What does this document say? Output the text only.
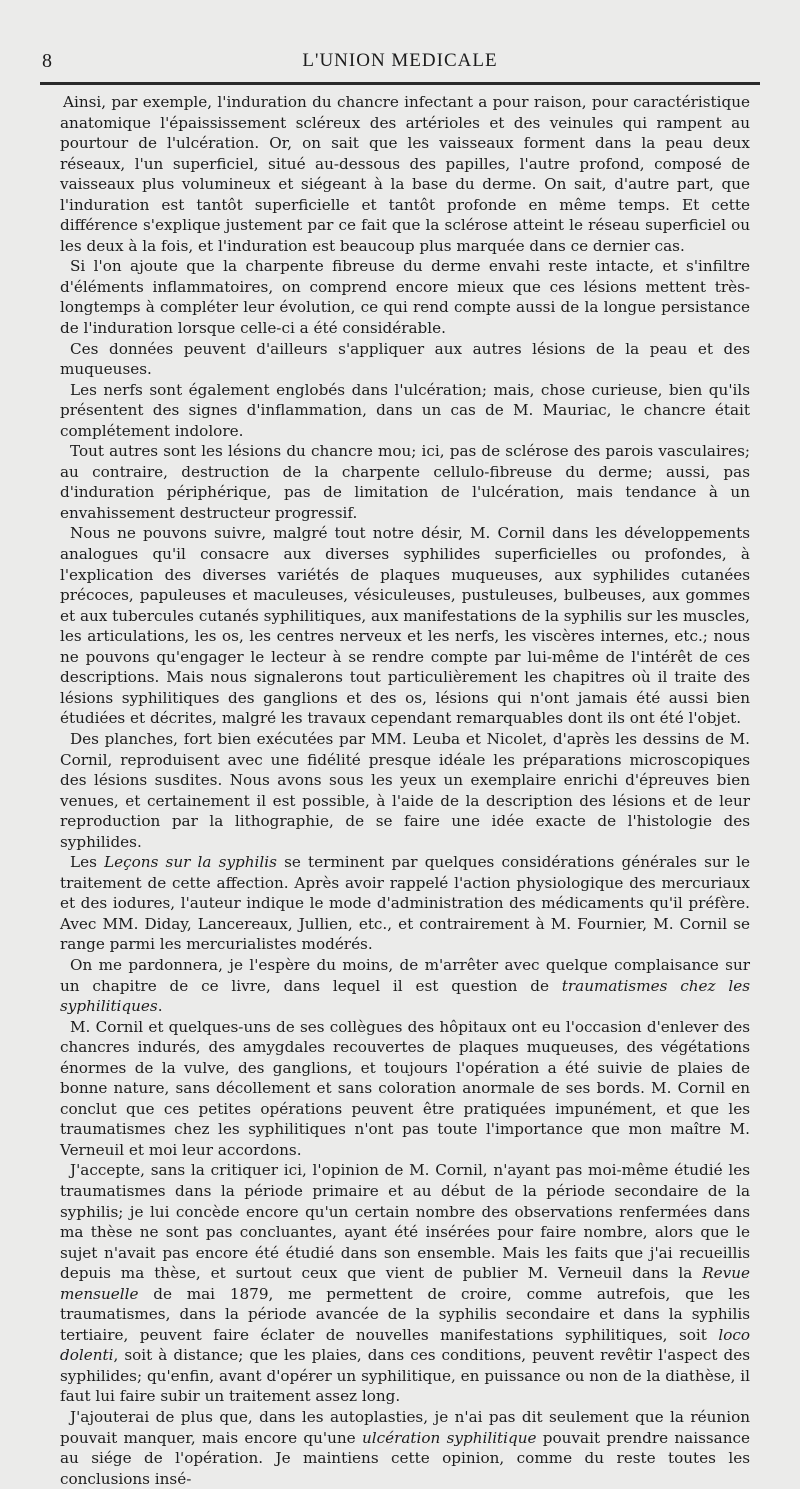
8	L'UNION MEDICALE

Ainsi, par exemple, l'induration du chancre infectant a pour raison, pour caractéristique anatomique l'épaississement scléreux des artérioles et des veinules qui rampent au pourtour de l'ulcération. Or, on sait que les vaisseaux forment dans la peau deux réseaux, l'un superficiel, situé au-dessous des papilles, l'autre profond, composé de vaisseaux plus volumineux et siégeant à la base du derme. On sait, d'autre part, que l'induration est tantôt superficielle et tantôt profonde en même temps. Et cette différence s'explique justement par ce fait que la sclérose atteint le réseau superficiel ou les deux à la fois, et l'induration est beaucoup plus marquée dans ce dernier cas.

Si l'on ajoute que la charpente fibreuse du derme envahi reste intacte, et s'infiltre d'éléments inflammatoires, on comprend encore mieux que ces lésions mettent très-longtemps à compléter leur évolution, ce qui rend compte aussi de la longue persistance de l'induration lorsque celle-ci a été considérable.

Ces données peuvent d'ailleurs s'appliquer aux autres lésions de la peau et des muqueuses.

Les nerfs sont également englobés dans l'ulcération; mais, chose curieuse, bien qu'ils présentent des signes d'inflammation, dans un cas de M. Mauriac, le chancre était complétement indolore.

Tout autres sont les lésions du chancre mou; ici, pas de sclérose des parois vasculaires; au contraire, destruction de la charpente cellulo-fibreuse du derme; aussi, pas d'induration périphérique, pas de limitation de l'ulcération, mais tendance à un envahissement destructeur progressif.

Nous ne pouvons suivre, malgré tout notre désir, M. Cornil dans les développements analogues qu'il consacre aux diverses syphilides superficielles ou profondes, à l'explication des diverses variétés de plaques muqueuses, aux syphilides cutanées précoces, papuleuses et maculeuses, vésiculeuses, pustuleuses, bulbeuses, aux gommes et aux tubercules cutanés syphilitiques, aux manifestations de la syphilis sur les muscles, les articulations, les os, les centres nerveux et les nerfs, les viscères internes, etc.; nous ne pouvons qu'engager le lecteur à se rendre compte par lui-même de l'intérêt de ces descriptions. Mais nous signalerons tout particulièrement les chapitres où il traite des lésions syphilitiques des ganglions et des os, lésions qui n'ont jamais été aussi bien étudiées et décrites, malgré les travaux cependant remarquables dont ils ont été l'objet.

Des planches, fort bien exécutées par MM. Leuba et Nicolet, d'après les dessins de M. Cornil, reproduisent avec une fidélité presque idéale les préparations microscopiques des lésions susdites. Nous avons sous les yeux un exemplaire enrichi d'épreuves bien venues, et certainement il est possible, à l'aide de la description des lésions et de leur reproduction par la lithographie, de se faire une idée exacte de l'histologie des syphilides.

Les Leçons sur la syphilis se terminent par quelques considérations générales sur le traitement de cette affection. Après avoir rappelé l'action physiologique des mercuriaux et des iodures, l'auteur indique le mode d'administration des médicaments qu'il préfère. Avec MM. Diday, Lancereaux, Jullien, etc., et contrairement à M. Fournier, M. Cornil se range parmi les mercurialistes modérés.

On me pardonnera, je l'espère du moins, de m'arrêter avec quelque complaisance sur un chapitre de ce livre, dans lequel il est question de traumatismes chez les syphilitiques.

M. Cornil et quelques-uns de ses collègues des hôpitaux ont eu l'occasion d'enlever des chancres indurés, des amygdales recouvertes de plaques muqueuses, des végétations énormes de la vulve, des ganglions, et toujours l'opération a été suivie de plaies de bonne nature, sans décollement et sans coloration anormale de ses bords. M. Cornil en conclut que ces petites opérations peuvent être pratiquées impunément, et que les traumatismes chez les syphilitiques n'ont pas toute l'importance que mon maître M. Verneuil et moi leur accordons.

J'accepte, sans la critiquer ici, l'opinion de M. Cornil, n'ayant pas moi-même étudié les traumatismes dans la période primaire et au début de la période secondaire de la syphilis; je lui concède encore qu'un certain nombre des observations renfermées dans ma thèse ne sont pas concluantes, ayant été insérées pour faire nombre, alors que le sujet n'avait pas encore été étudié dans son ensemble. Mais les faits que j'ai recueillis depuis ma thèse, et surtout ceux que vient de publier M. Verneuil dans la Revue mensuelle de mai 1879, me permettent de croire, comme autrefois, que les traumatismes, dans la période avancée de la syphilis secondaire et dans la syphilis tertiaire, peuvent faire éclater de nouvelles manifestations syphilitiques, soit loco dolenti, soit à distance; que les plaies, dans ces conditions, peuvent revêtir l'aspect des syphilides; qu'enfin, avant d'opérer un syphilitique, en puissance ou non de la diathèse, il faut lui faire subir un traitement assez long.

J'ajouterai de plus que, dans les autoplasties, je n'ai pas dit seulement que la réunion pouvait manquer, mais encore qu'une ulcération syphilitique pouvait prendre naissance au siége de l'opération. Je maintiens cette opinion, comme du reste toutes les conclusions insé-
